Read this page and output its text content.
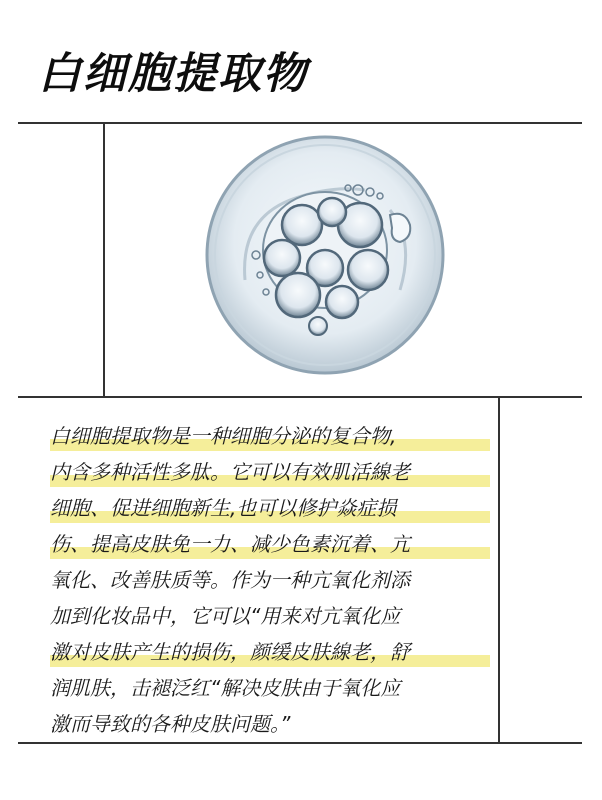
白细胞提取物
白细胞提取物是一种细胞分泌的复合物,
内含多种活性多肽。它可以有效肌活線老
细胞、促进细胞新生,也可以修护焱症损
伤、提高皮肤免一力、减少色素沉着、亢
氧化、改善肤质等。作为一种亢氧化剂添
加到化妆品中，它可以“用来对亢氧化应
激对皮肤产生的损伤，颜缓皮肤線老，舒
润肌肤，击褪泛红“解决皮肤由于氧化应
激而导致的各种皮肤问题。”
